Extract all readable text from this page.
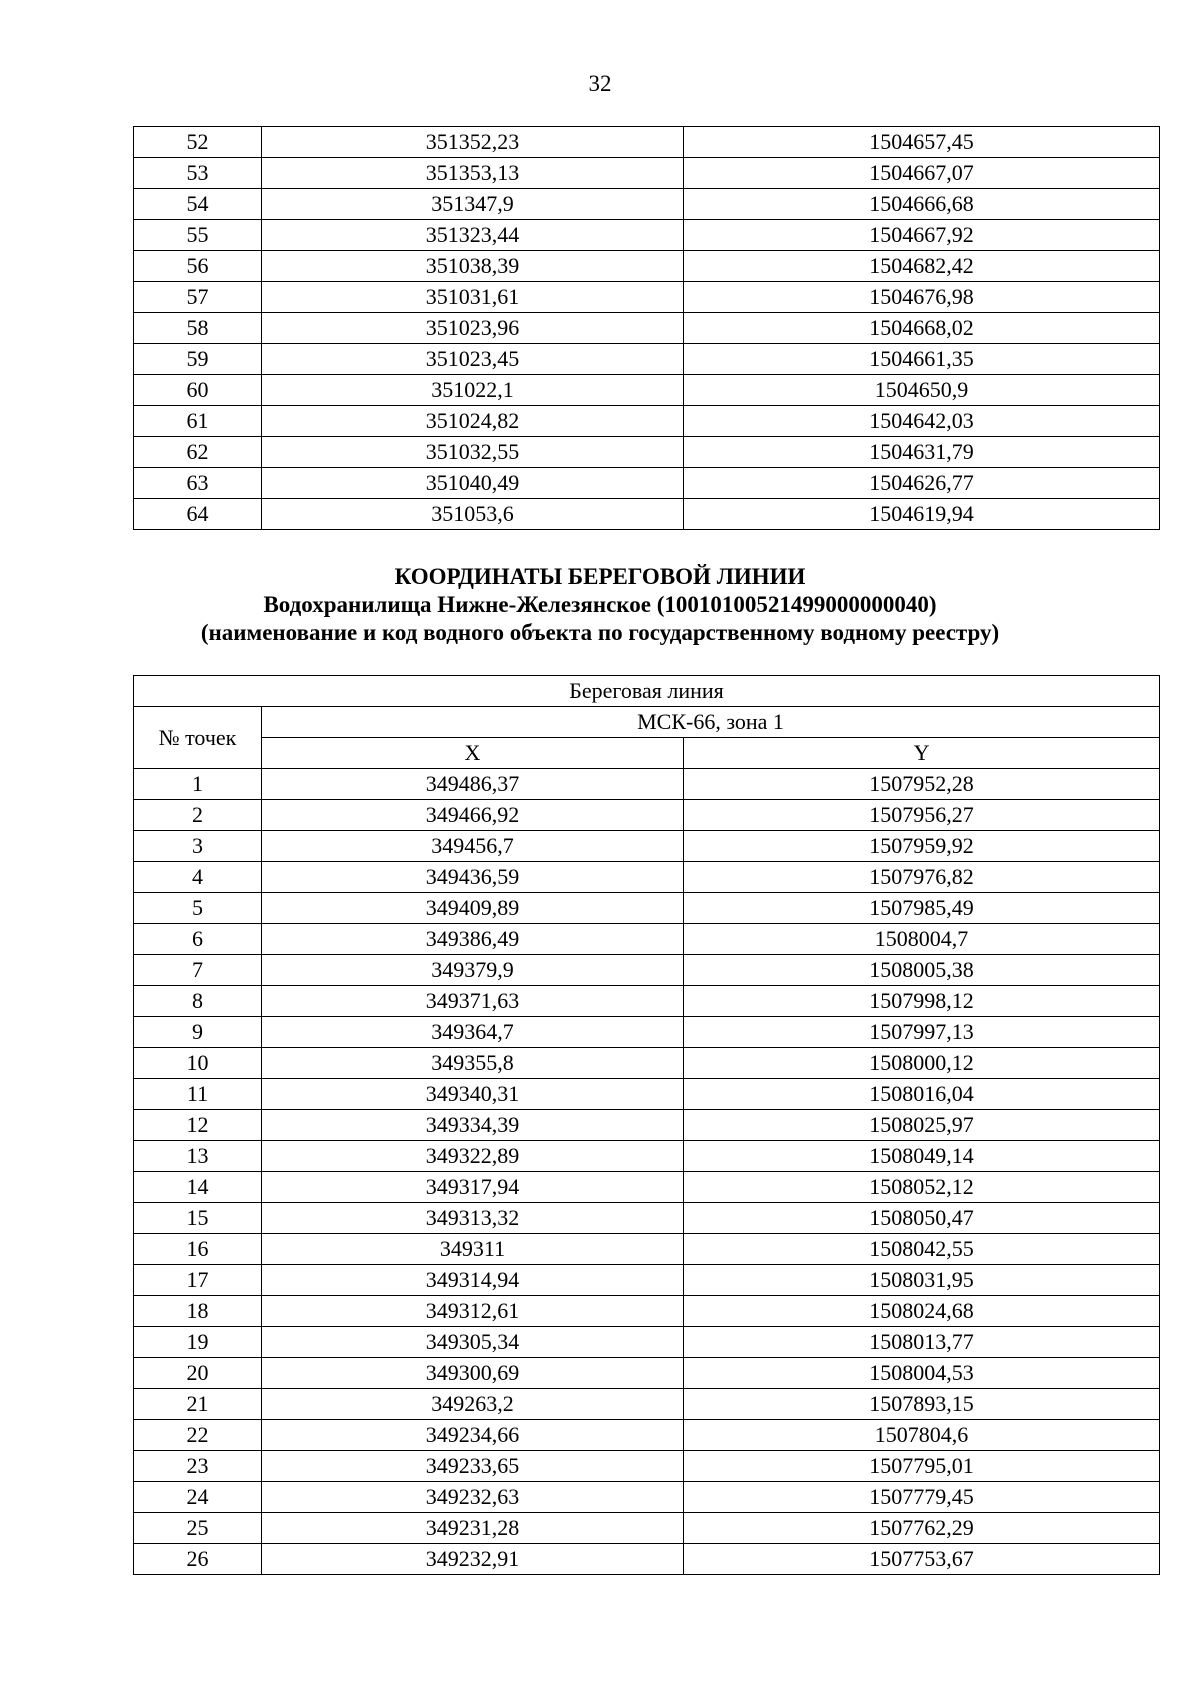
32
52	351352,23	1504657,45
53	351353,13	1504667,07
54	351347,9	1504666,68
55	351323,44	1504667,92
56	351038,39	1504682,42
57	351031,61	1504676,98
58	351023,96	1504668,02
59	351023,45	1504661,35
60	351022,1	1504650,9
61	351024,82	1504642,03
62	351032,55	1504631,79
63	351040,49	1504626,77
64	351053,6	1504619,94
КООРДИНАТЫ БЕРЕГОВОЙ ЛИНИИ
Водохранилища Нижне-Железянское (10010100521499000000040)
(наименование и код водного объекта по государственному водному реестру)
Береговая линия		
№ точек	МСК-66, зона 1	
	X	Y
1	349486,37	1507952,28
2	349466,92	1507956,27
3	349456,7	1507959,92
4	349436,59	1507976,82
5	349409,89	1507985,49
6	349386,49	1508004,7
7	349379,9	1508005,38
8	349371,63	1507998,12
9	349364,7	1507997,13
10	349355,8	1508000,12
11	349340,31	1508016,04
12	349334,39	1508025,97
13	349322,89	1508049,14
14	349317,94	1508052,12
15	349313,32	1508050,47
16	349311	1508042,55
17	349314,94	1508031,95
18	349312,61	1508024,68
19	349305,34	1508013,77
20	349300,69	1508004,53
21	349263,2	1507893,15
22	349234,66	1507804,6
23	349233,65	1507795,01
24	349232,63	1507779,45
25	349231,28	1507762,29
26	349232,91	1507753,67
